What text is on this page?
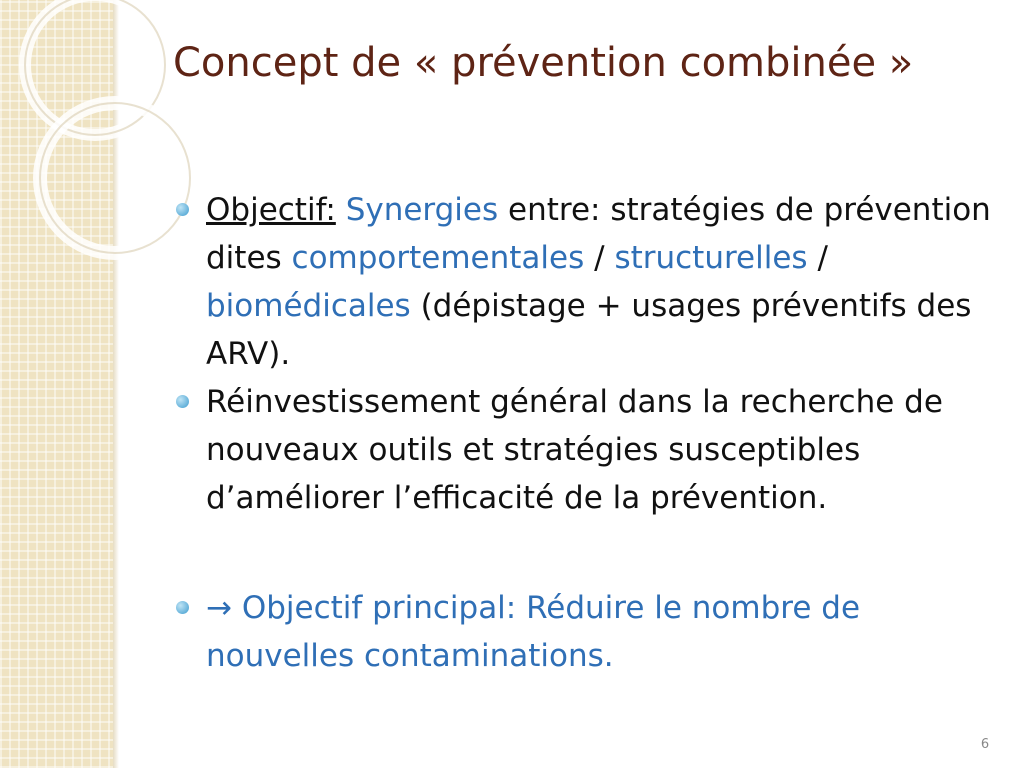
Concept de « prévention combinée »
Objectif: Synergies entre: stratégies de prévention dites comportementales / structurelles / biomédicales (dépistage + usages préventifs des ARV).
Réinvestissement général dans la recherche de nouveaux outils et stratégies susceptibles d’améliorer l’efficacité de la prévention.
→ Objectif principal: Réduire le nombre de nouvelles contaminations.
6
